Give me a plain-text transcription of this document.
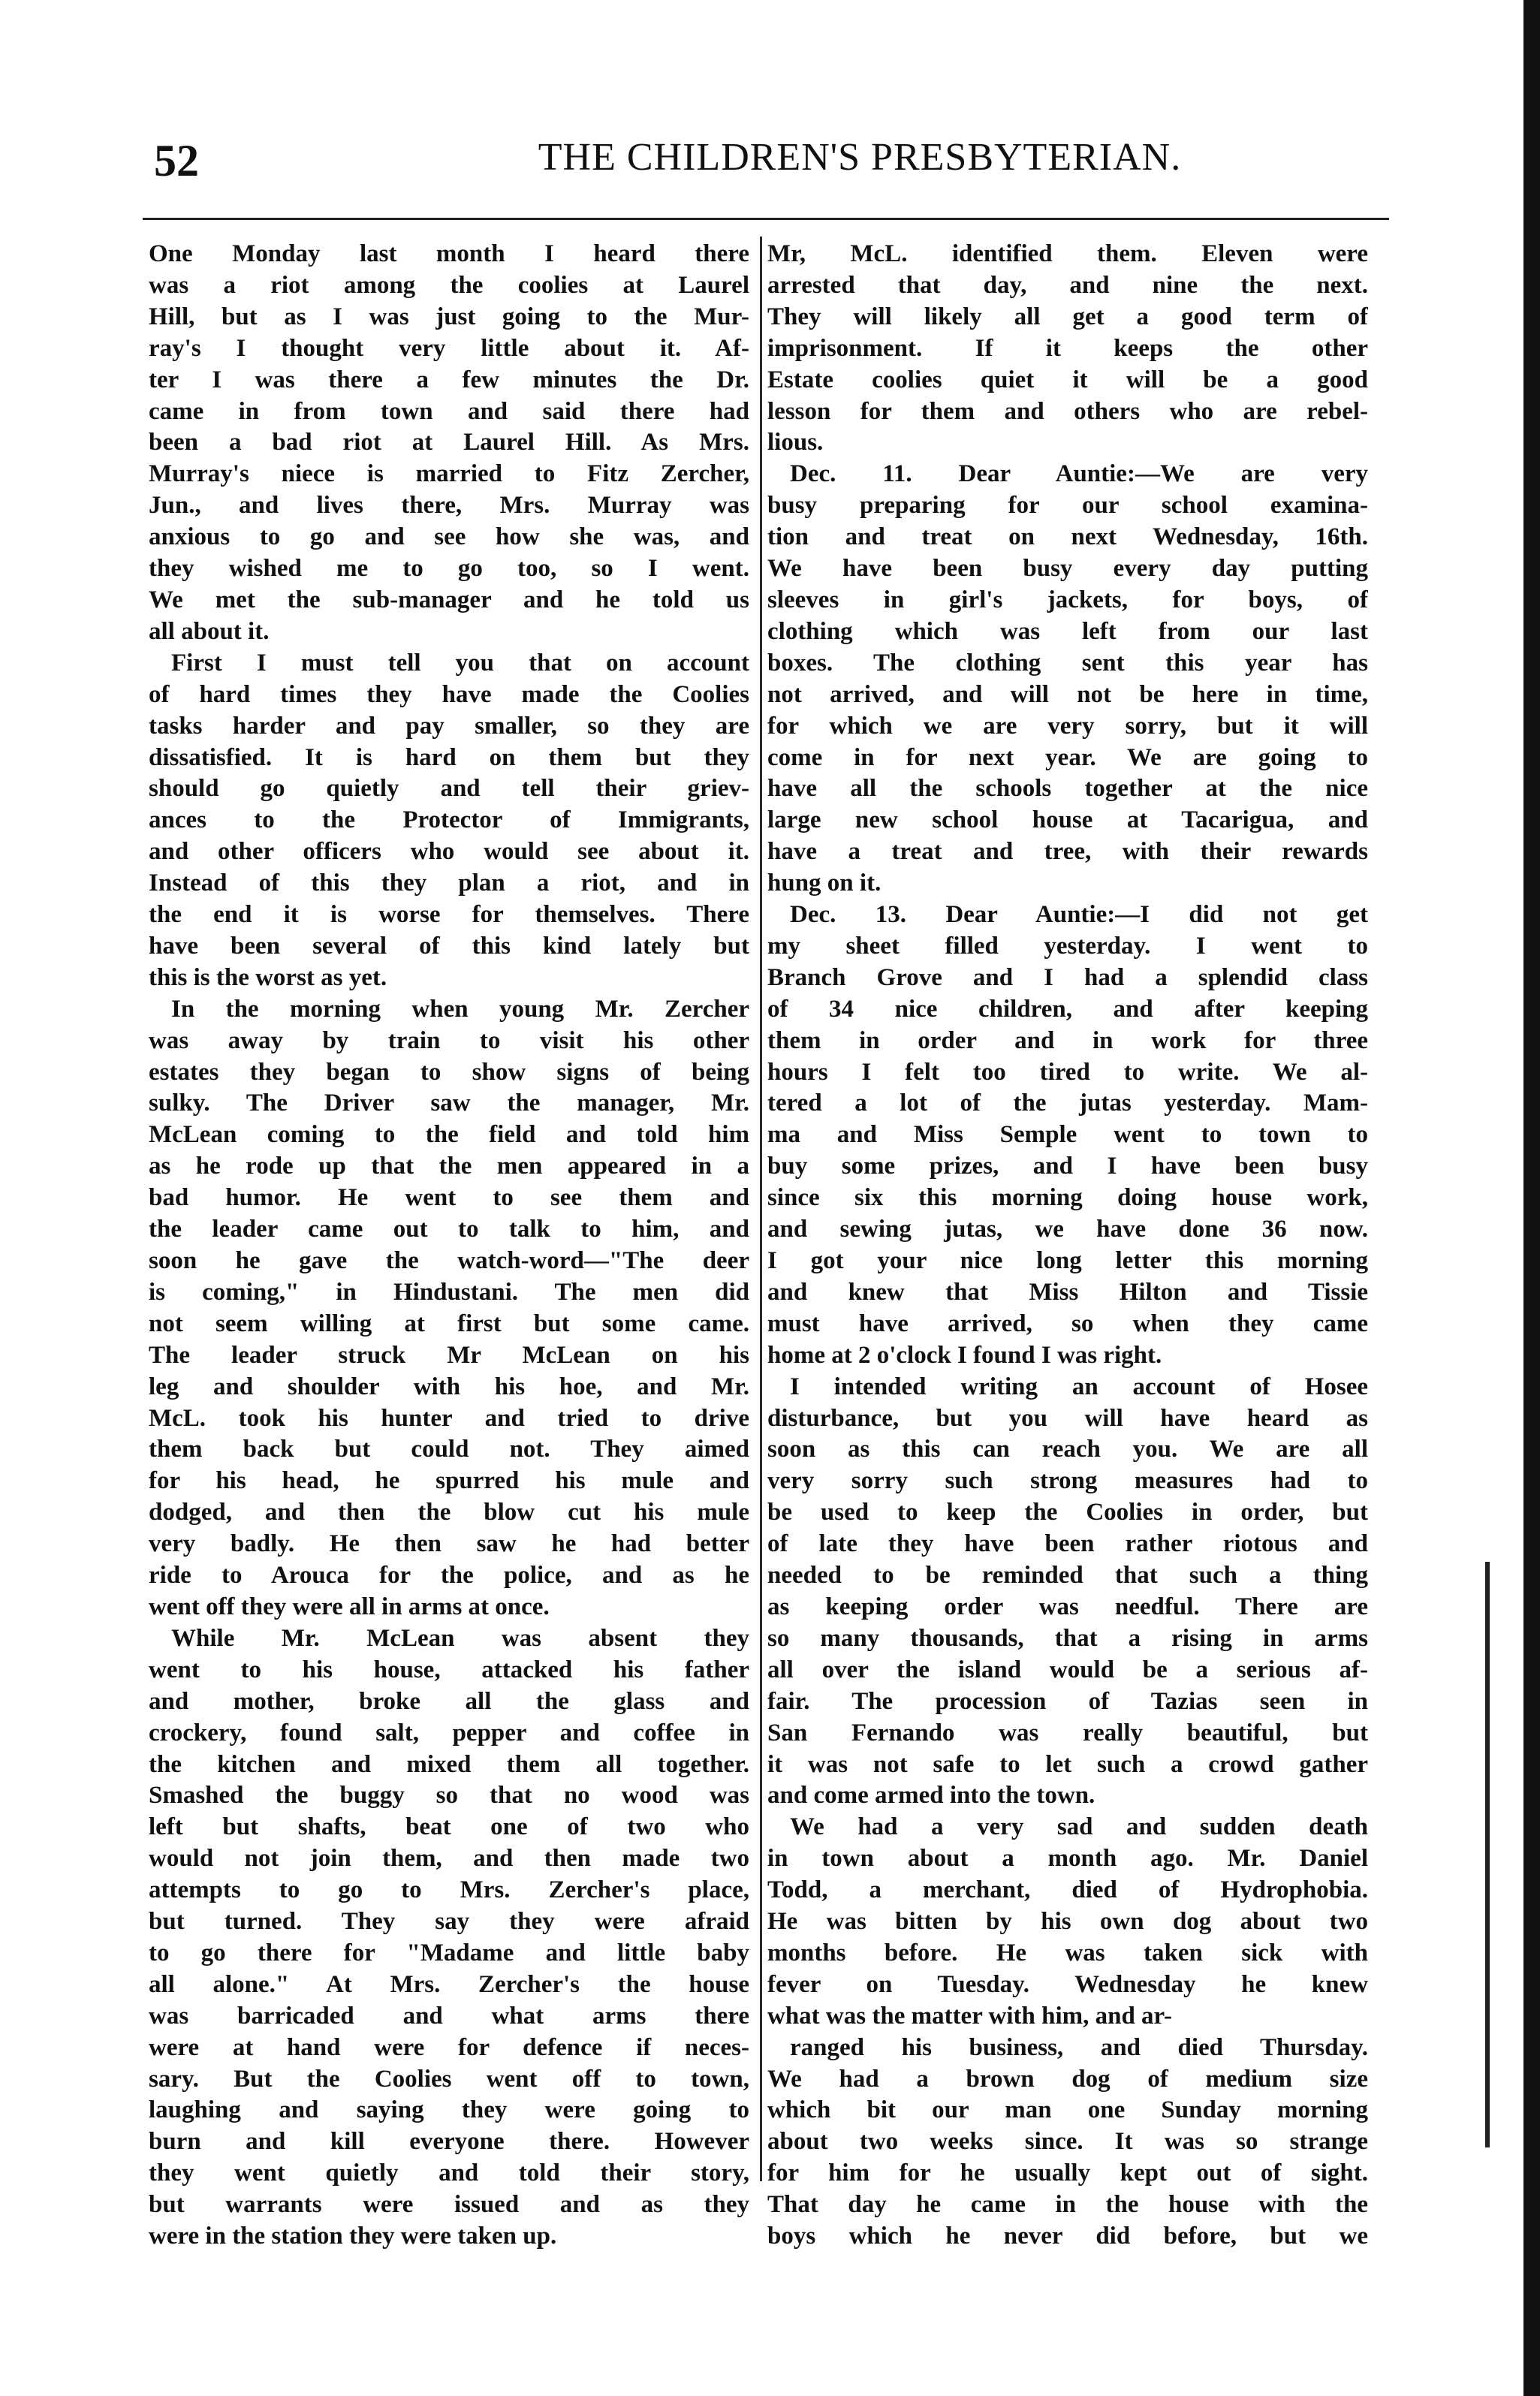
52	THE CHILDREN'S PRESBYTERIAN.
One Monday last month I heard there
was a riot among the coolies at Laurel
Hill, but as I was just going to the Mur-
ray's I thought very little about it. Af-
ter I was there a few minutes the Dr.
came in from town and said there had
been a bad riot at Laurel Hill. As Mrs.
Murray's niece is married to Fitz Zercher,
Jun., and lives there, Mrs. Murray was
anxious to go and see how she was, and
they wished me to go too, so I went.
We met the sub-manager and he told us
all about it.
First I must tell you that on account
of hard times they have made the Coolies
tasks harder and pay smaller, so they are
dissatisfied. It is hard on them but they
should go quietly and tell their griev-
ances to the Protector of Immigrants,
and other officers who would see about it.
Instead of this they plan a riot, and in
the end it is worse for themselves. There
have been several of this kind lately but
this is the worst as yet.
In the morning when young Mr. Zercher
was away by train to visit his other
estates they began to show signs of being
sulky. The Driver saw the manager, Mr.
McLean coming to the field and told him
as he rode up that the men appeared in a
bad humor. He went to see them and
the leader came out to talk to him, and
soon he gave the watch-word—"The deer
is coming," in Hindustani. The men did
not seem willing at first but some came.
The leader struck Mr McLean on his
leg and shoulder with his hoe, and Mr.
McL. took his hunter and tried to drive
them back but could not. They aimed
for his head, he spurred his mule and
dodged, and then the blow cut his mule
very badly. He then saw he had better
ride to Arouca for the police, and as he
went off they were all in arms at once.
While Mr. McLean was absent they
went to his house, attacked his father
and mother, broke all the glass and
crockery, found salt, pepper and coffee in
the kitchen and mixed them all together.
Smashed the buggy so that no wood was
left but shafts, beat one of two who
would not join them, and then made two
attempts to go to Mrs. Zercher's place,
but turned. They say they were afraid
to go there for "Madame and little baby
all alone." At Mrs. Zercher's the house
was barricaded and what arms there
were at hand were for defence if neces-
sary. But the Coolies went off to town,
laughing and saying they were going to
burn and kill everyone there. However
they went quietly and told their story,
but warrants were issued and as they
were in the station they were taken up.
Mr, McL. identified them. Eleven were
arrested that day, and nine the next.
They will likely all get a good term of
imprisonment. If it keeps the other
Estate coolies quiet it will be a good
lesson for them and others who are rebel-
lious.
Dec. 11. Dear Auntie:—We are very
busy preparing for our school examina-
tion and treat on next Wednesday, 16th.
We have been busy every day putting
sleeves in girl's jackets, for boys, of
clothing which was left from our last
boxes. The clothing sent this year has
not arrived, and will not be here in time,
for which we are very sorry, but it will
come in for next year. We are going to
have all the schools together at the nice
large new school house at Tacarigua, and
have a treat and tree, with their rewards
hung on it.
Dec. 13. Dear Auntie:—I did not get
my sheet filled yesterday. I went to
Branch Grove and I had a splendid class
of 34 nice children, and after keeping
them in order and in work for three
hours I felt too tired to write. We al-
tered a lot of the jutas yesterday. Mam-
ma and Miss Semple went to town to
buy some prizes, and I have been busy
since six this morning doing house work,
and sewing jutas, we have done 36 now.
I got your nice long letter this morning
and knew that Miss Hilton and Tissie
must have arrived, so when they came
home at 2 o'clock I found I was right.
I intended writing an account of Hosee
disturbance, but you will have heard as
soon as this can reach you. We are all
very sorry such strong measures had to
be used to keep the Coolies in order, but
of late they have been rather riotous and
needed to be reminded that such a thing
as keeping order was needful. There are
so many thousands, that a rising in arms
all over the island would be a serious af-
fair. The procession of Tazias seen in
San Fernando was really beautiful, but
it was not safe to let such a crowd gather
and come armed into the town.
We had a very sad and sudden death
in town about a month ago. Mr. Daniel
Todd, a merchant, died of Hydrophobia.
He was bitten by his own dog about two
months before. He was taken sick with
fever on Tuesday. Wednesday he knew
what was the matter with him, and ar-
ranged his business, and died Thursday.
We had a brown dog of medium size
which bit our man one Sunday morning
about two weeks since. It was so strange
for him for he usually kept out of sight.
That day he came in the house with the
boys which he never did before, but we
